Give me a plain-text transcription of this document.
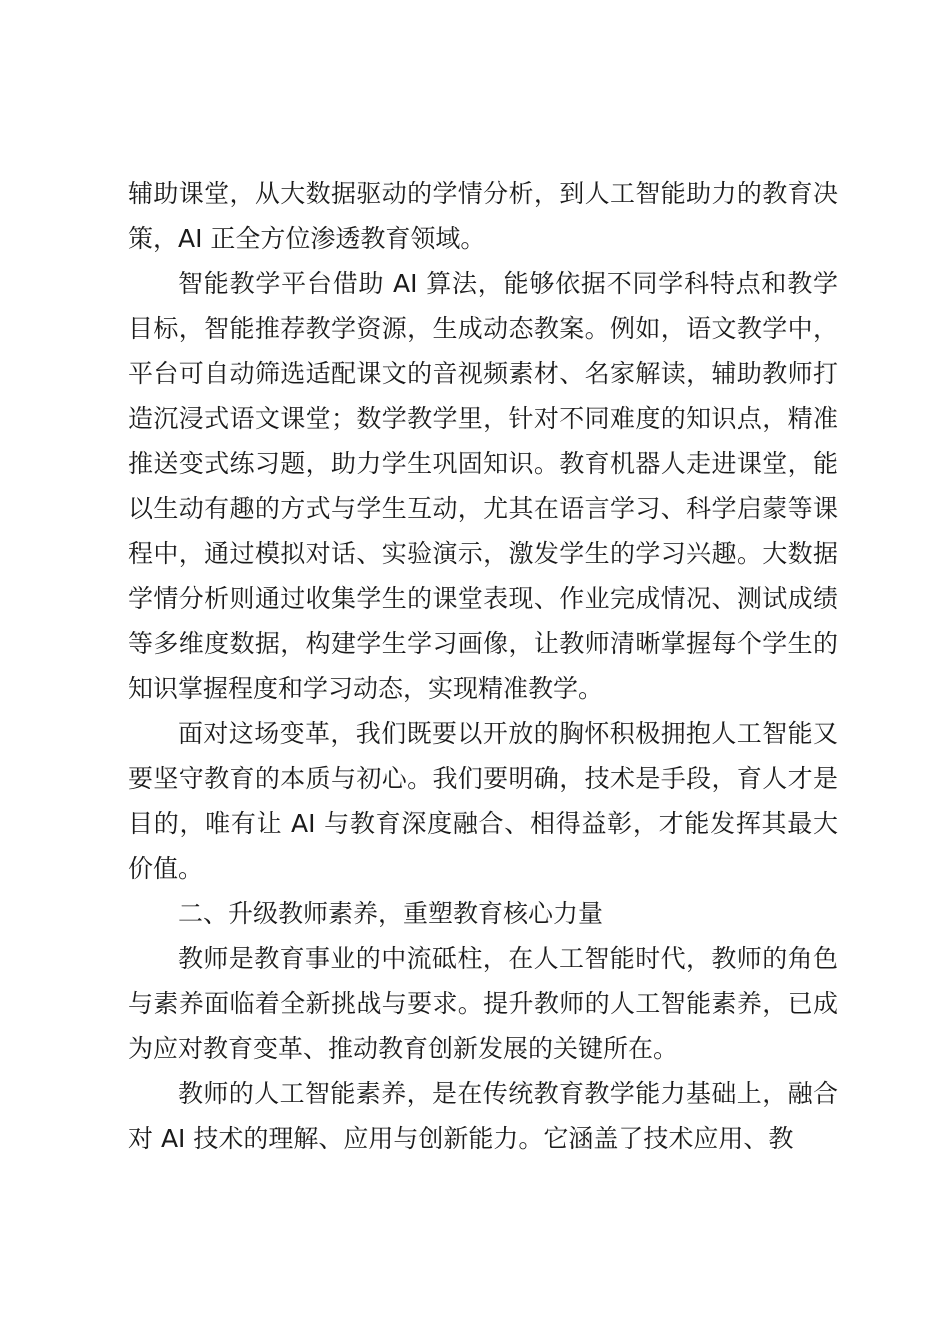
辅助课堂，从大数据驱动的学情分析，到人工智能助力的教育决策，AI 正全方位渗透教育领域。

智能教学平台借助 AI 算法，能够依据不同学科特点和教学目标，智能推荐教学资源，生成动态教案。例如，语文教学中，平台可自动筛选适配课文的音视频素材、名家解读，辅助教师打造沉浸式语文课堂；数学教学里，针对不同难度的知识点，精准推送变式练习题，助力学生巩固知识。教育机器人走进课堂，能以生动有趣的方式与学生互动，尤其在语言学习、科学启蒙等课程中，通过模拟对话、实验演示，激发学生的学习兴趣。大数据学情分析则通过收集学生的课堂表现、作业完成情况、测试成绩等多维度数据，构建学生学习画像，让教师清晰掌握每个学生的知识掌握程度和学习动态，实现精准教学。

面对这场变革，我们既要以开放的胸怀积极拥抱人工智能又要坚守教育的本质与初心。我们要明确，技术是手段，育人才是目的，唯有让 AI 与教育深度融合、相得益彰，才能发挥其最大价值。

二、升级教师素养，重塑教育核心力量

教师是教育事业的中流砥柱，在人工智能时代，教师的角色与素养面临着全新挑战与要求。提升教师的人工智能素养，已成为应对教育变革、推动教育创新发展的关键所在。

教师的人工智能素养，是在传统教育教学能力基础上，融合对 AI 技术的理解、应用与创新能力。它涵盖了技术应用、教
